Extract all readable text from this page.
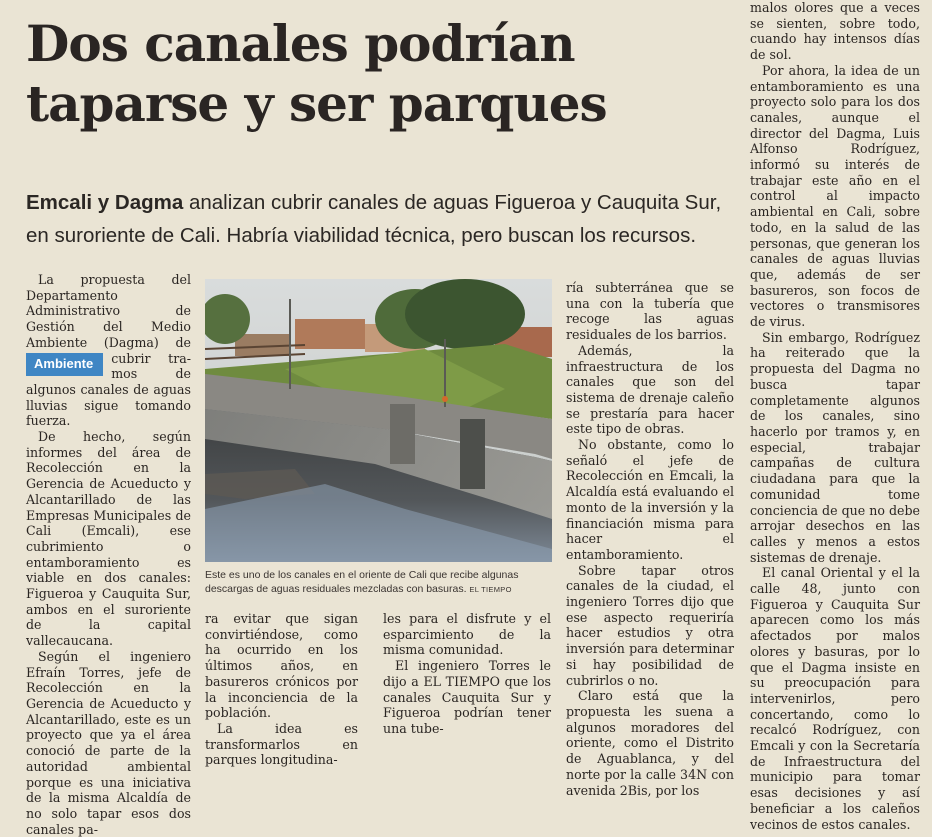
Dos canales podrían
taparse y ser parques
Emcali y Dagma analizan cubrir canales de aguas Figueroa y Cauquita Sur,
en suroriente de Cali. Habría viabilidad técnica, pero buscan los recursos.

La propuesta del Departamento Administrativo de Gestión del Medio Ambiente (Dagma) de cubrir tra-
Ambiente
mos de algunos canales de aguas lluvias sigue tomando fuerza.

De hecho, según informes del área de Recolección en la Gerencia de Acueducto y Alcantarillado de las Empresas Municipales de Cali (Emcali), ese cubrimiento o entamboramiento es viable en dos canales: Figueroa y Cauquita Sur, ambos en el suroriente de la capital vallecaucana.

Según el ingeniero Efraín Torres, jefe de Recolección en la Gerencia de Acueducto y Alcantarillado, este es un proyecto que ya el área conoció de parte de la autoridad ambiental porque es una iniciativa de la misma Alcaldía de no solo tapar esos dos canales pa-

Este es uno de los canales en el oriente de Cali que recibe algunas descargas de aguas residuales mezcladas con basuras. EL TIEMPO

ra evitar que sigan convirtiéndose, como ha ocurrido en los últimos años, en basureros crónicos por la inconciencia de la población.

La idea es transformarlos en parques longitudina-

les para el disfrute y el esparcimiento de la misma comunidad.

El ingeniero Torres le dijo a EL TIEMPO que los canales Cauquita Sur y Figueroa podrían tener una tube-

ría subterránea que se una con la tubería que recoge las aguas residuales de los barrios.

Además, la infraestructura de los canales que son del sistema de drenaje caleño se prestaría para hacer este tipo de obras.

No obstante, como lo señaló el jefe de Recolección en Emcali, la Alcaldía está evaluando el monto de la inversión y la financiación misma para hacer el entamboramiento.

Sobre tapar otros canales de la ciudad, el ingeniero Torres dijo que ese aspecto requeriría hacer estudios y otra inversión para determinar si hay posibilidad de cubrirlos o no.

Claro está que la propuesta les suena a algunos moradores del oriente, como el Distrito de Aguablanca, y del norte por la calle 34N con avenida 2Bis, por los

malos olores que a veces se sienten, sobre todo, cuando hay intensos días de sol.

Por ahora, la idea de un entamboramiento es una proyecto solo para los dos canales, aunque el director del Dagma, Luis Alfonso Rodríguez, informó su interés de trabajar este año en el control al impacto ambiental en Cali, sobre todo, en la salud de las personas, que generan los canales de aguas lluvias que, además de ser basureros, son focos de vectores o transmisores de virus.

Sin embargo, Rodríguez ha reiterado que la propuesta del Dagma no busca tapar completamente algunos de los canales, sino hacerlo por tramos y, en especial, trabajar campañas de cultura ciudadana para que la comunidad tome conciencia de que no debe arrojar desechos en las calles y menos a estos sistemas de drenaje.

El canal Oriental y el la calle 48, junto con Figueroa y Cauquita Sur aparecen como los más afectados por malos olores y basuras, por lo que el Dagma insiste en su preocupación para intervenirlos, pero concertando, como lo recalcó Rodríguez, con Emcali y con la Secretaría de Infraestructura del municipio para tomar esas decisiones y así beneficiar a los caleños vecinos de estos canales.
